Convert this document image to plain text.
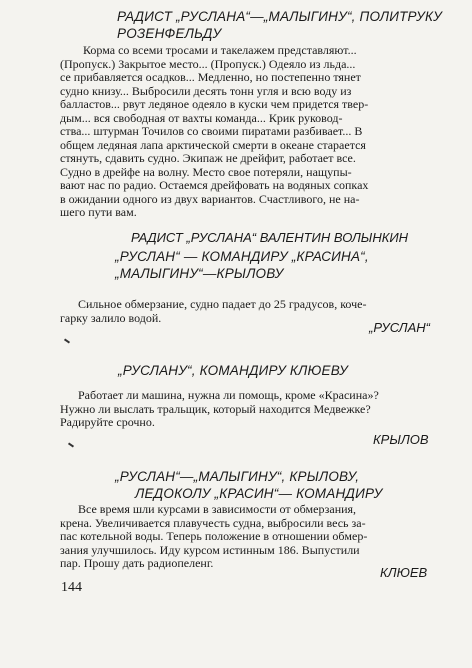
РАДИСТ „РУСЛАНА“—„МАЛЫГИНУ“, ПОЛИТРУКУ
РОЗЕНФЕЛЬДУ
Корма со всеми тросами и такелажем представляют...
(Пропуск.) Закрытое место... (Пропуск.) Одеяло из льда...
се прибавляется осадков... Медленно, но постепенно тянет
судно книзу... Выбросили десять тонн угля и всю воду из
балластов... рвут ледяное одеяло в куски чем придется твер-
дым... вся свободная от вахты команда... Крик руковод-
ства... штурман Точилов со своими пиратами разбивает... В
общем ледяная лапа арктической смерти в океане старается
стянуть, сдавить судно. Экипаж не дрейфит, работает все.
Судно в дрейфе на волну. Место свое потеряли, нащупы-
вают нас по радио. Остаемся дрейфовать на водяных сопках
в ожидании одного из двух вариантов. Счастливого, не на-
шего пути вам.
РАДИСТ „РУСЛАНА“ ВАЛЕНТИН ВОЛЫНКИН
„РУСЛАН“ — КОМАНДИРУ „КРАСИНА“,
„МАЛЫГИНУ“—КРЫЛОВУ
Сильное обмерзание, судно падает до 25 градусов, коче-
гарку залило водой.
„РУСЛАН“
„РУСЛАНУ“, КОМАНДИРУ КЛЮЕВУ
Работает ли машина, нужна ли помощь, кроме «Красина»?
Нужно ли выслать тральщик, который находится Медвежке?
Радируйте срочно.
КРЫЛОВ
„РУСЛАН“—„МАЛЫГИНУ“, КРЫЛОВУ,
ЛЕДОКОЛУ „КРАСИН“— КОМАНДИРУ
Все время шли курсами в зависимости от обмерзания,
крена. Увеличивается плавучесть судна, выбросили весь за-
пас котельной воды. Теперь положение в отношении обмер-
зания улучшилось. Иду курсом истинным 186. Выпустили
пар. Прошу дать радиопеленг.
144
КЛЮЕВ
